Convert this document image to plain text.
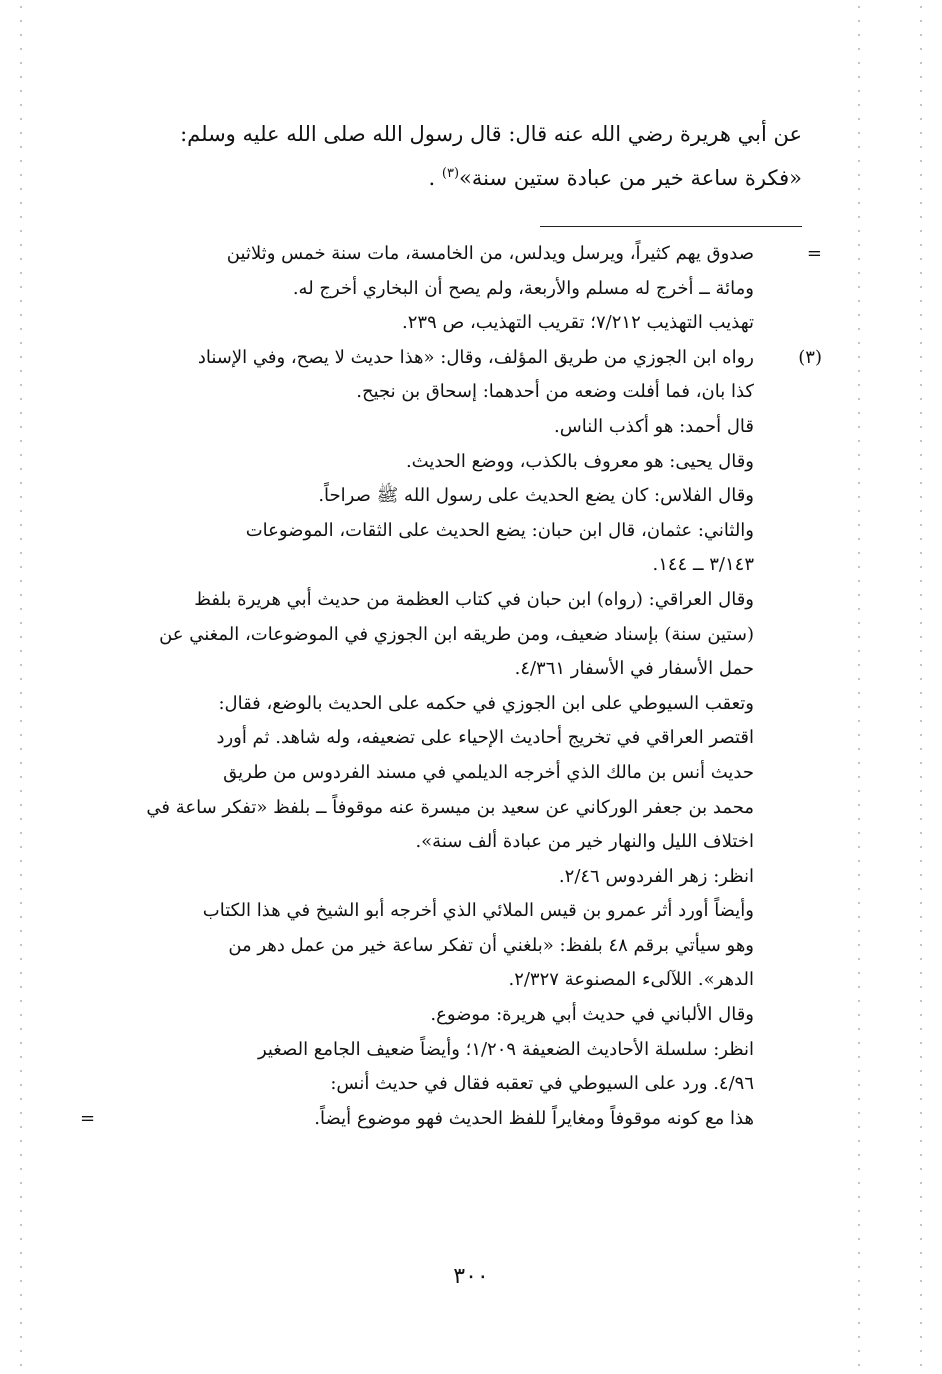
عن أبي هريرة رضي الله عنه قال: قال رسول الله صلى الله عليه وسلم:
«فكرة ساعة خير من عبادة ستين سنة»$^{(٣)}$ .

=
صدوق يهم كثيراً، ويرسل ويدلس، من الخامسة، مات سنة خمس وثلاثين
ومائة ــ أخرج له مسلم والأربعة، ولم يصح أن البخاري أخرج له.
تهذيب التهذيب ٧/٢١٢؛ تقريب التهذيب، ص ٢٣٩.
(٣)
رواه ابن الجوزي من طريق المؤلف، وقال: «هذا حديث لا يصح، وفي الإسناد
كذا بان، فما أفلت وضعه من أحدهما: إسحاق بن نجيح.
قال أحمد: هو أكذب الناس.
وقال يحيى: هو معروف بالكذب، ووضع الحديث.
وقال الفلاس: كان يضع الحديث على رسول الله ﷺ صراحاً.
والثاني: عثمان، قال ابن حبان: يضع الحديث على الثقات، الموضوعات
٣/١٤٣ ــ ١٤٤.
وقال العراقي: (رواه) ابن حبان في كتاب العظمة من حديث أبي هريرة بلفظ
(ستين سنة) بإسناد ضعيف، ومن طريقه ابن الجوزي في الموضوعات، المغني عن
حمل الأسفار في الأسفار ٤/٣٦١.
وتعقب السيوطي على ابن الجوزي في حكمه على الحديث بالوضع، فقال:
اقتصر العراقي في تخريج أحاديث الإحياء على تضعيفه، وله شاهد. ثم أورد
حديث أنس بن مالك الذي أخرجه الديلمي في مسند الفردوس من طريق
محمد بن جعفر الوركاني عن سعيد بن ميسرة عنه موقوفاً ــ بلفظ «تفكر ساعة في
اختلاف الليل والنهار خير من عبادة ألف سنة».
انظر: زهر الفردوس ٢/٤٦.
وأيضاً أورد أثر عمرو بن قيس الملائي الذي أخرجه أبو الشيخ في هذا الكتاب
وهو سيأتي برقم ٤٨ بلفظ: «بلغني أن تفكر ساعة خير من عمل دهر من
الدهر». اللآلىء المصنوعة ٢/٣٢٧.
وقال الألباني في حديث أبي هريرة: موضوع.
انظر: سلسلة الأحاديث الضعيفة ١/٢٠٩؛ وأيضاً ضعيف الجامع الصغير
٤/٩٦. ورد على السيوطي في تعقبه فقال في حديث أنس:
هذا مع كونه موقوفاً ومغايراً للفظ الحديث فهو موضوع أيضاً.
=
٣٠٠
